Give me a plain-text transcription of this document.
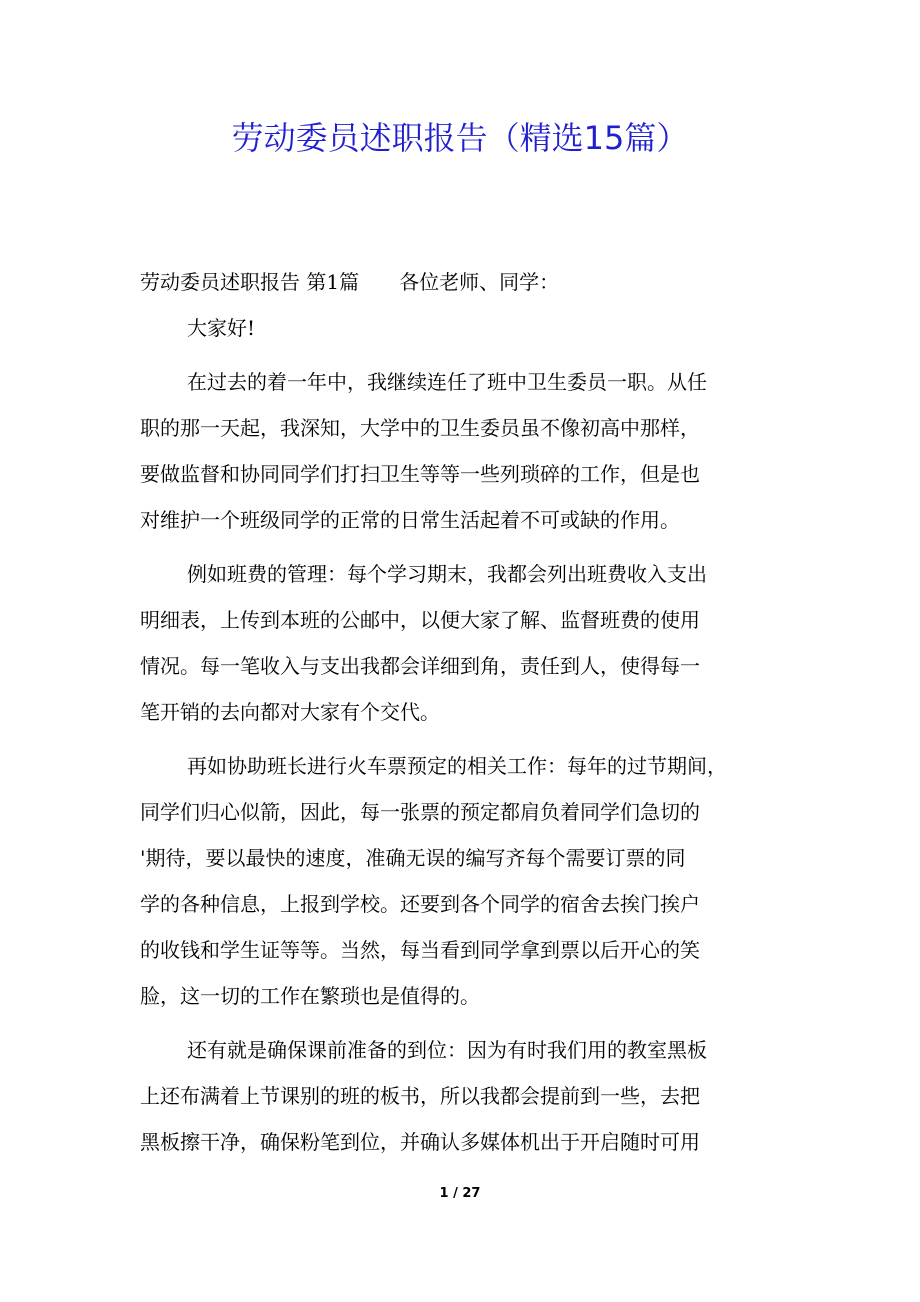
劳动委员述职报告（精选15篇）
劳动委员述职报告 第1篇 各位老师、同学：
大家好!
在过去的着一年中，我继续连任了班中卫生委员一职。从任
职的那一天起，我深知，大学中的卫生委员虽不像初高中那样，
要做监督和协同同学们打扫卫生等等一些列琐碎的工作，但是也
对维护一个班级同学的正常的日常生活起着不可或缺的作用。
例如班费的管理：每个学习期末，我都会列出班费收入支出
明细表，上传到本班的公邮中，以便大家了解、监督班费的使用
情况。每一笔收入与支出我都会详细到角，责任到人，使得每一
笔开销的去向都对大家有个交代。
再如协助班长进行火车票预定的相关工作：每年的过节期间，
同学们归心似箭，因此，每一张票的预定都肩负着同学们急切的
'期待，要以最快的速度，准确无误的编写齐每个需要订票的同
学的各种信息，上报到学校。还要到各个同学的宿舍去挨门挨户
的收钱和学生证等等。当然，每当看到同学拿到票以后开心的笑
脸，这一切的工作在繁琐也是值得的。
还有就是确保课前准备的到位：因为有时我们用的教室黑板
上还布满着上节课别的班的板书，所以我都会提前到一些，去把
黑板擦干净，确保粉笔到位，并确认多媒体机出于开启随时可用
1 / 27
